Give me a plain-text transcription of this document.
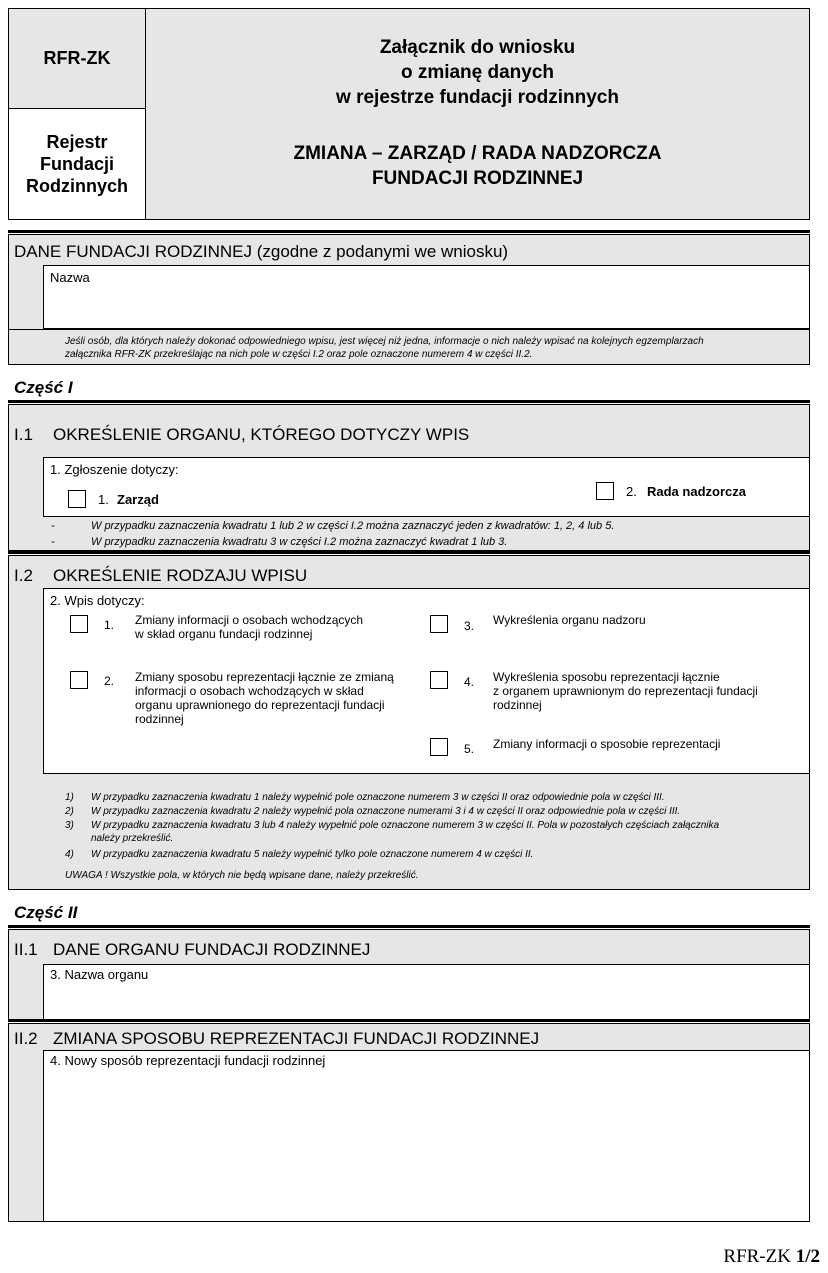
RFR-ZK
Rejestr
Fundacji
Rodzinnych
Załącznik do wniosku
o zmianę danych
w rejestrze fundacji rodzinnych
ZMIANA – ZARZĄD / RADA NADZORCZA
FUNDACJI RODZINNEJ
DANE FUNDACJI RODZINNEJ (zgodne z podanymi we wniosku)
Nazwa
Jeśli osób, dla których należy dokonać odpowiedniego wpisu, jest więcej niż jedna, informacje o nich należy wpisać na kolejnych egzemplarzach
załącznika RFR-ZK przekreślając na nich pole w części I.2 oraz pole oznaczone numerem 4 w części II.2.
Część I
I.1 OKREŚLENIE ORGANU, KTÓREGO DOTYCZY WPIS
1. Zgłoszenie dotyczy:
1. Zarząd
2. Rada nadzorcza
-	W przypadku zaznaczenia kwadratu 1 lub 2 w części I.2 można zaznaczyć jeden z kwadratów: 1, 2, 4 lub 5.
-	W przypadku zaznaczenia kwadratu 3 w części I.2 można zaznaczyć kwadrat 1 lub 3.
I.2 OKREŚLENIE RODZAJU WPISU
2. Wpis dotyczy:
1. Zmiany informacji o osobach wchodzących
w skład organu fundacji rodzinnej
2. Zmiany sposobu reprezentacji łącznie ze zmianą
informacji o osobach wchodzących w skład
organu uprawnionego do reprezentacji fundacji
rodzinnej
3. Wykreślenia organu nadzoru
4. Wykreślenia sposobu reprezentacji łącznie
z organem uprawnionym do reprezentacji fundacji
rodzinnej
5. Zmiany informacji o sposobie reprezentacji
1) W przypadku zaznaczenia kwadratu 1 należy wypełnić pole oznaczone numerem 3 w części II oraz odpowiednie pola w części III.
2) W przypadku zaznaczenia kwadratu 2 należy wypełnić pola oznaczone numerami 3 i 4 w części II oraz odpowiednie pola w części III.
3) W przypadku zaznaczenia kwadratu 3 lub 4 należy wypełnić pole oznaczone numerem 3 w części II. Pola w pozostałych częściach załącznika
należy przekreślić.
4) W przypadku zaznaczenia kwadratu 5 należy wypełnić tylko pole oznaczone numerem 4 w części II.
UWAGA ! Wszystkie pola, w których nie będą wpisane dane, należy przekreślić.
Część II
II.1 DANE ORGANU FUNDACJI RODZINNEJ
3. Nazwa organu
II.2 ZMIANA SPOSOBU REPREZENTACJI FUNDACJI RODZINNEJ
4. Nowy sposób reprezentacji fundacji rodzinnej
RFR-ZK 1/2
